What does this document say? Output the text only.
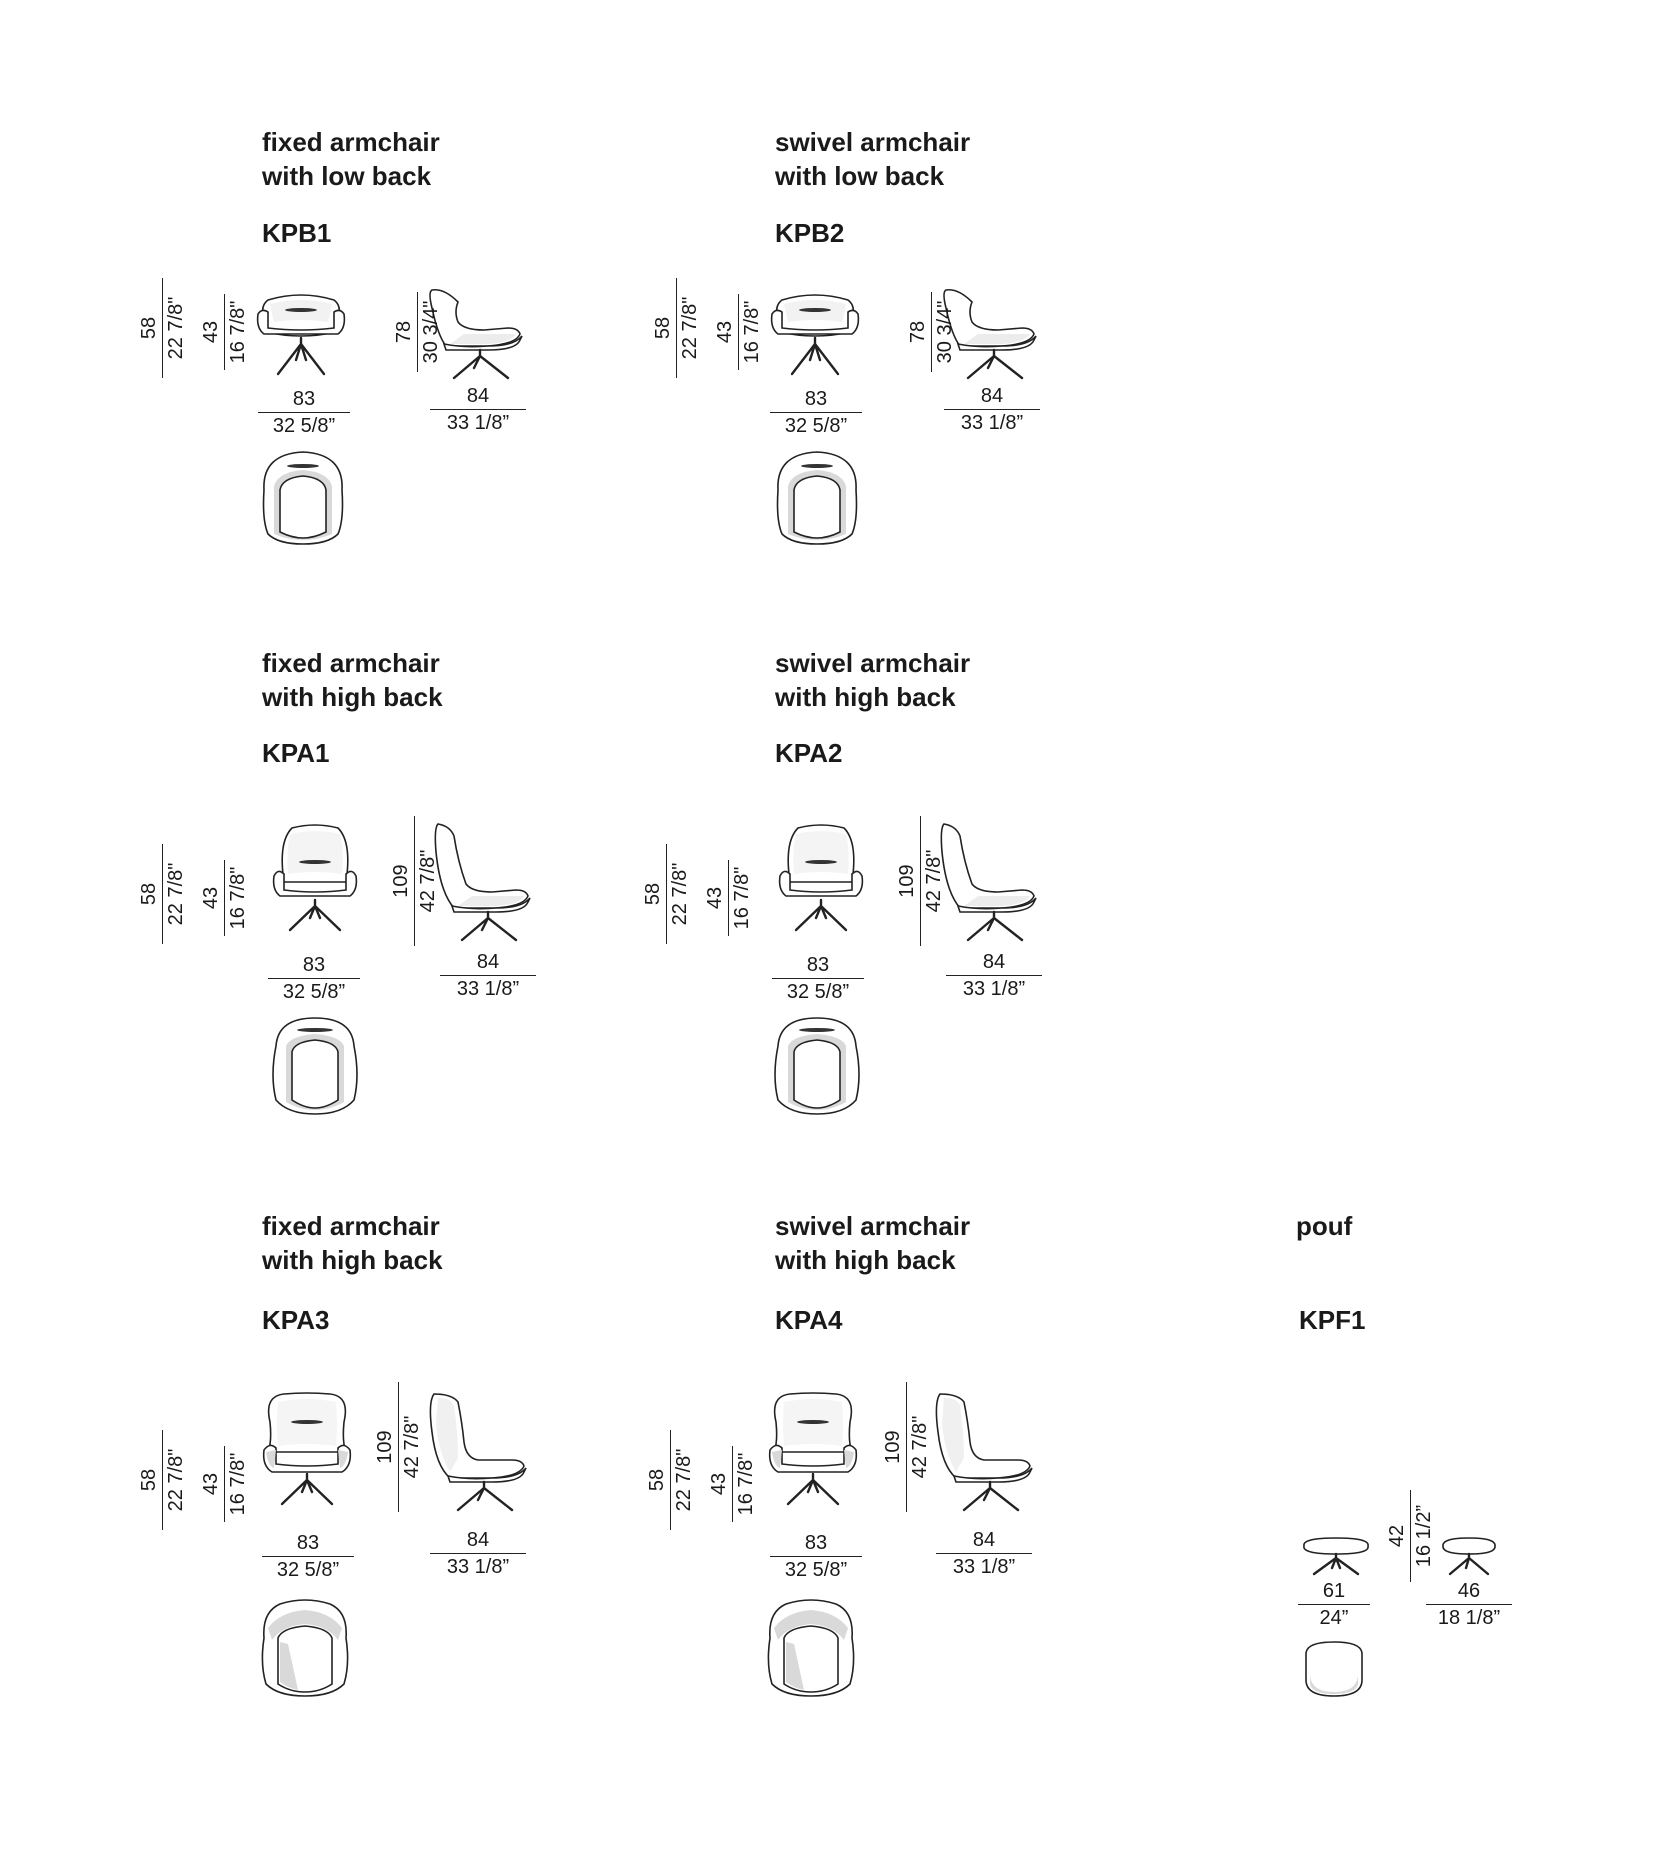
fixed armchair
with low back
KPB1
swivel armchair
with low back
KPB2
fixed armchair
with high back
KPA1
swivel armchair
with high back
KPA2
fixed armchair
with high back
KPA3
swivel armchair
with high back
KPA4
pouf
KPF1
58 22 7/8" 43 16 7/8"	78 30 3/4"
83
32 5/8”
84
33 1/8”
58 22 7/8" 43 16 7/8"	78 30 3/4"
83
32 5/8”
84
33 1/8”
58 22 7/8" 43 16 7/8"	109 42 7/8"
83
32 5/8”
84
33 1/8”
58 22 7/8" 43 16 7/8"	109 42 7/8"
83
32 5/8”
84
33 1/8”
58 22 7/8" 43 16 7/8"
109 42 7/8"
83
32 5/8”
84
33 1/8”
58 22 7/8" 43 16 7/8"
109 42 7/8"
83
32 5/8”
84
33 1/8”
42 16 1/2”
61
24”
46
18 1/8”
